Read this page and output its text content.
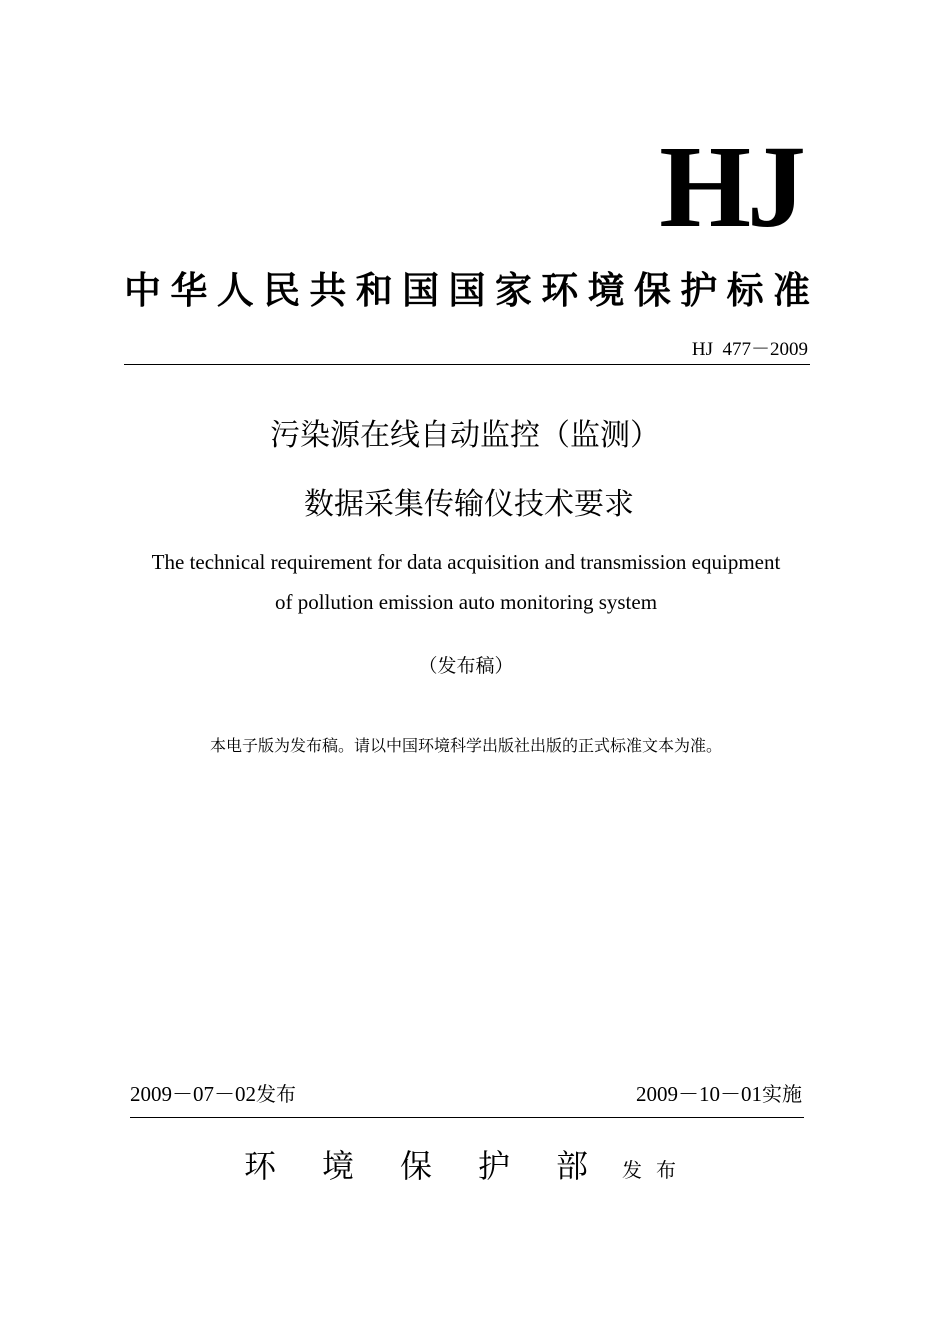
HJ
中华人民共和国国家环境保护标准
HJ  477－2009
污染源在线自动监控（监测）
数据采集传输仪技术要求
The technical requirement for data acquisition and transmission equipment
of pollution emission auto monitoring system
（发布稿）
本电子版为发布稿。请以中国环境科学出版社出版的正式标准文本为准。
2009－07－02发布	2009－10－01实施
环境保护部
发布
